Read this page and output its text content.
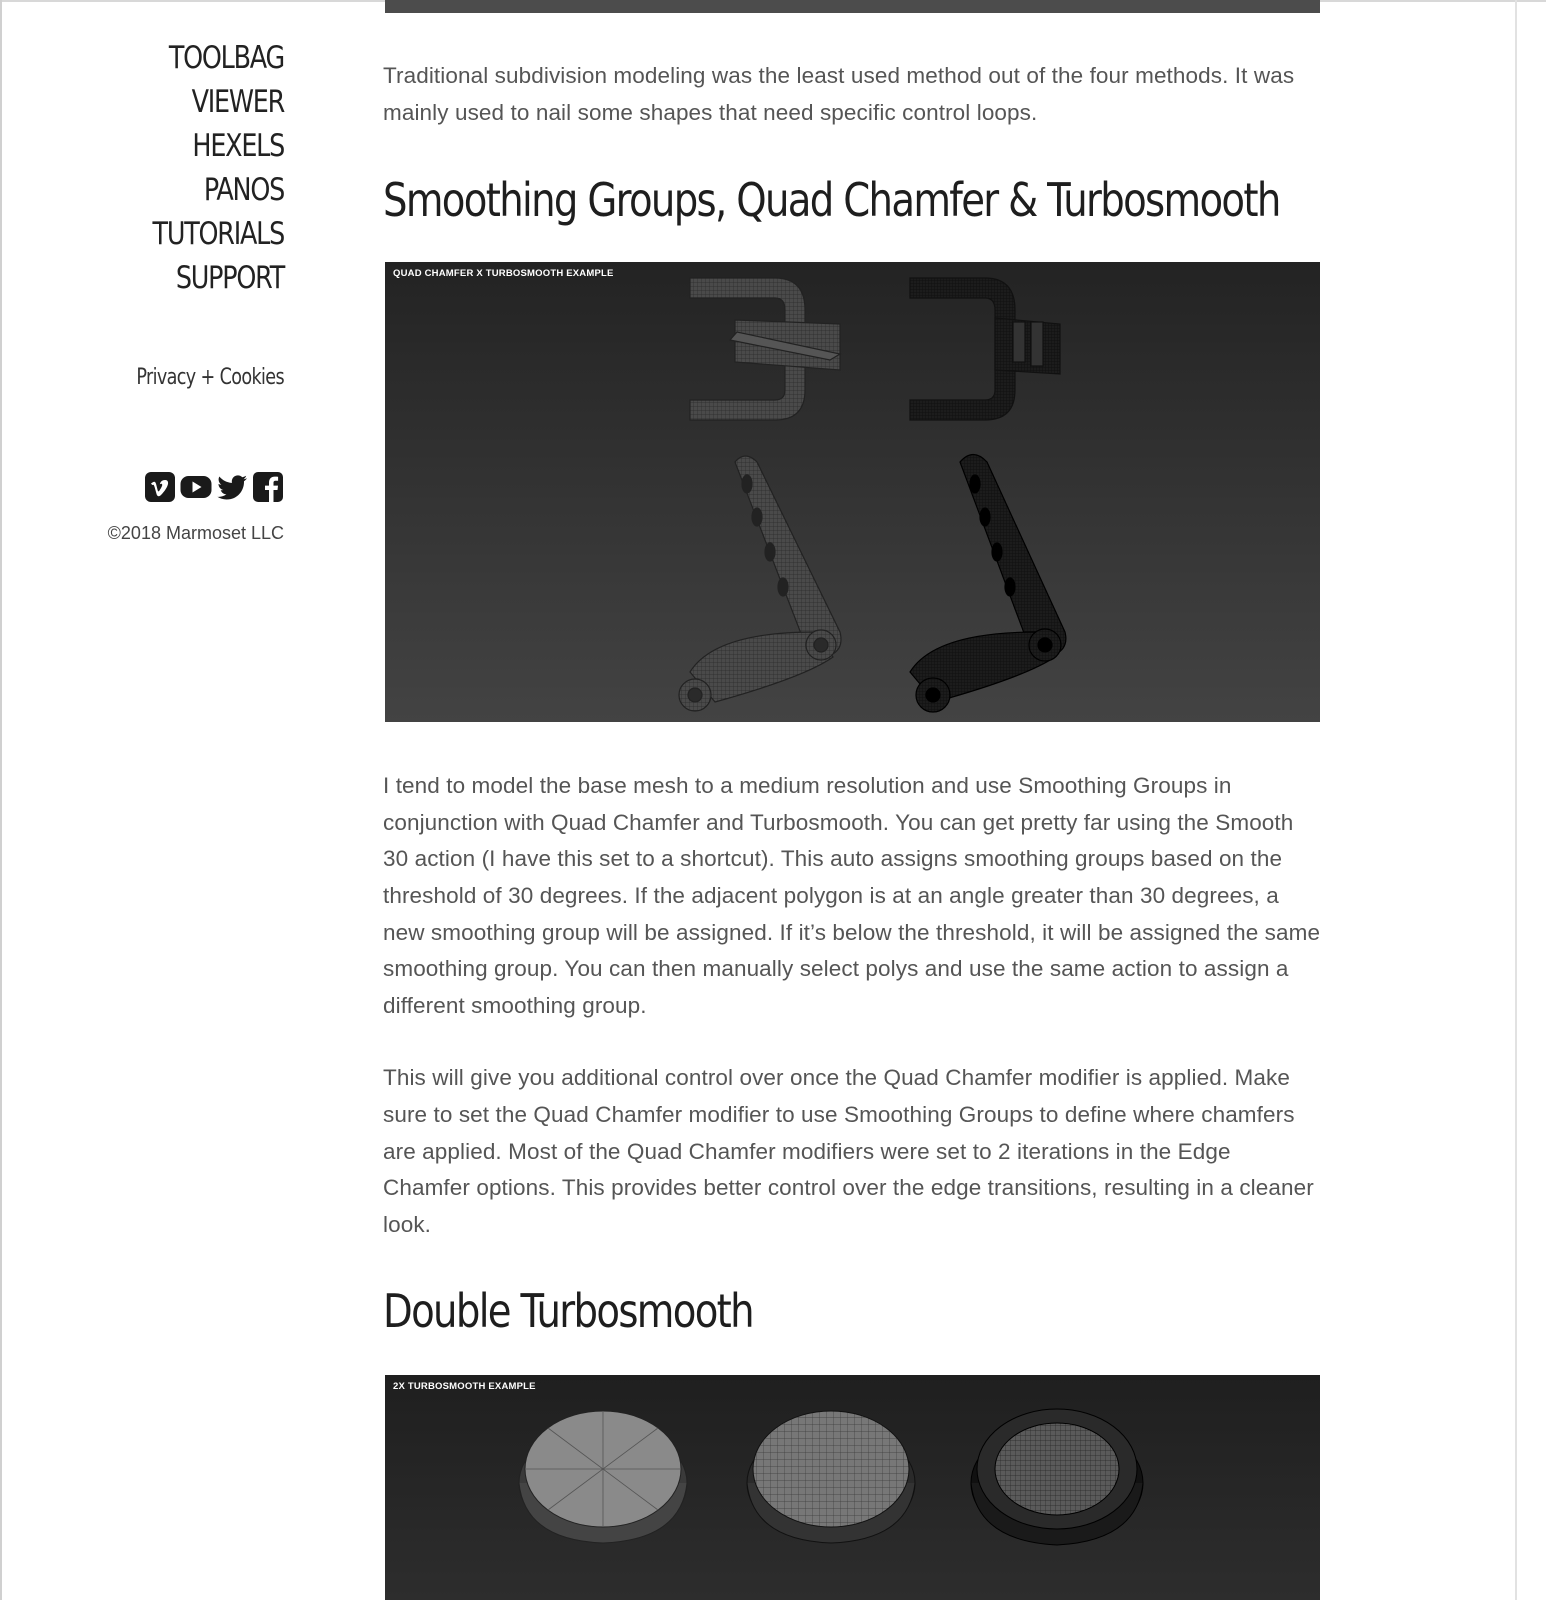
TOOLBAG
VIEWER
HEXELS
PANOS
TUTORIALS
SUPPORT
Privacy + Cookies
©2018 Marmoset LLC

Traditional subdivision modeling was the least used method out of the four methods. It was mainly used to nail some shapes that need specific control loops.

Smoothing Groups, Quad Chamfer & Turbosmooth
QUAD CHAMFER X TURBOSMOOTH EXAMPLE

I tend to model the base mesh to a medium resolution and use Smoothing Groups in conjunction with Quad Chamfer and Turbosmooth. You can get pretty far using the Smooth 30 action (I have this set to a shortcut). This auto assigns smoothing groups based on the threshold of 30 degrees. If the adjacent polygon is at an angle greater than 30 degrees, a new smoothing group will be assigned. If it’s below the threshold, it will be assigned the same smoothing group. You can then manually select polys and use the same action to assign a different smoothing group.

This will give you additional control over once the Quad Chamfer modifier is applied. Make sure to set the Quad Chamfer modifier to use Smoothing Groups to define where chamfers are applied. Most of the Quad Chamfer modifiers were set to 2 iterations in the Edge Chamfer options. This provides better control over the edge transitions, resulting in a cleaner look.

Double Turbosmooth
2X TURBOSMOOTH EXAMPLE
